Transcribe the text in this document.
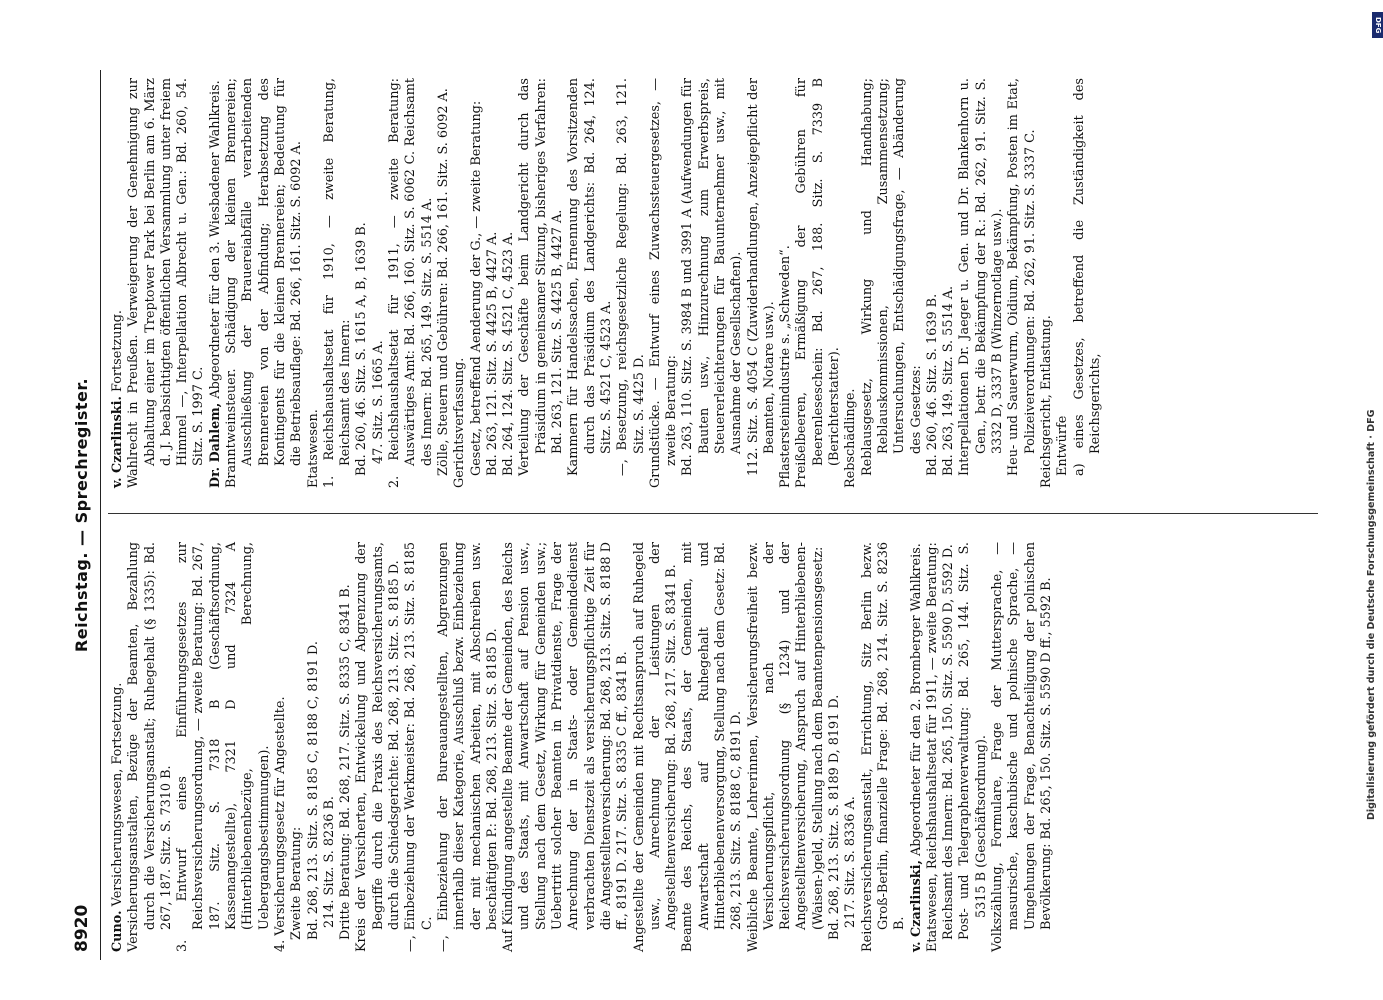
8920
Reichstag. — Sprechregister.

Cuno. Versicherungswesen, Fortsetzung. Versicherungsanstalten, Bezüge der Beamten, Bezahlung durch die Versicherungsanstalt; Ruhegehalt (§ 1335): Bd. 267, 187. Sitz. S. 7310 B. 3. Entwurf eines Einführungsgesetzes zur Reichsversicherungsordnung, — zweite Beratung: Bd. 267, 187. Sitz. S. 7318 B (Geschäftsordnung, Kassenangestellte), 7321 D und 7324 A (Hinterbliebenenbezüge, Berechnung, Uebergangsbestimmungen). 4. Versicherungsgesetz für Angestellte. Zweite Beratung: Bd. 268, 213. Sitz. S. 8185 C, 8188 C, 8191 D. 214. Sitz. S. 8236 B. Dritte Beratung: Bd. 268, 217. Sitz. S. 8335 C, 8341 B. Kreis der Versicherten, Entwickelung und Abgrenzung der Begriffe durch die Praxis des Reichsversicherungsamts, durch die Schiedsgerichte: Bd. 268, 213. Sitz. S. 8185 D. —, Einbeziehung der Werkmeister: Bd. 268, 213. Sitz. S. 8185 C. —, Einbeziehung der Bureauangestellten, Abgrenzungen innerhalb dieser Kategorie, Ausschluß bezw. Einbeziehung der mit mechanischen Arbeiten, mit Abschreiben usw. beschäftigten P.: Bd. 268, 213. Sitz. S. 8185 D. Auf Kündigung angestellte Beamte der Gemeinden, des Reichs und des Staats, mit Anwartschaft auf Pension usw., Stellung nach dem Gesetz, Wirkung für Gemeinden usw.; Uebertritt solcher Beamten in Privatdienste, Frage der Anrechnung der in Staats- oder Gemeindedienst verbrachten Dienstzeit als versicherungspflichtige Zeit für die Angestelltenversicherung: Bd. 268, 213. Sitz. S. 8188 D ff., 8191 D. 217. Sitz. S. 8335 C ff., 8341 B. Angestellte der Gemeinden mit Rechtsanspruch auf Ruhegeld usw., Anrechnung der Leistungen der Angestelltenversicherung: Bd. 268, 217. Sitz. S. 8341 B. Beamte des Reichs, des Staats, der Gemeinden, mit Anwartschaft auf Ruhegehalt und Hinterbliebenenversorgung, Stellung nach dem Gesetz: Bd. 268, 213. Sitz. S. 8188 C, 8191 D. Weibliche Beamte, Lehrerinnen, Versicherungsfreiheit bezw. Versicherungspflicht, nach der Reichsversicherungsordnung (§ 1234) und der Angestelltenversicherung, Anspruch auf Hinterbliebenen-(Waisen-)geld, Stellung nach dem Beamtenpensionsgesetz: Bd. 268, 213. Sitz. S. 8189 D, 8191 D. 217. Sitz. S. 8336 A. Reichsversicherungsanstalt, Errichtung, Sitz Berlin bezw. Groß-Berlin, finanzielle Frage: Bd. 268, 214. Sitz. S. 8236 B. v. Czarlinski, Abgeordneter für den 2. Bromberger Wahlkreis. Etatswesen, Reichshaushaltsetat für 1911, — zweite Beratung: Reichsamt des Innern: Bd. 265, 150. Sitz. S. 5590 D, 5592 D. Post- und Telegraphenverwaltung: Bd. 265, 144. Sitz. S. 5315 B (Geschäftsordnung). Volkszählung, Formulare, Frage der Muttersprache, — masurische, kaschubische und polnische Sprache, — Umgehungen der Frage, Benachteiligung der polnischen Bevölkerung: Bd. 265, 150. Sitz. S. 5590 D ff., 5592 B.

v. Czarlinski. Fortsetzung. Wahlrecht in Preußen. Verweigerung der Genehmigung zur Abhaltung einer im Treptower Park bei Berlin am 6. März d. J. beabsichtigten öffentlichen Versammlung unter freiem Himmel —, Interpellation Albrecht u. Gen.: Bd. 260, 54. Sitz. S. 1997 C. Dr. Dahlem, Abgeordneter für den 3. Wiesbadener Wahlkreis. Branntweinsteuer. Schädigung der kleinen Brennereien; Ausschließung der Brauereiabfälle verarbeitenden Brennereien von der Abfindung; Herabsetzung des Kontingents für die kleinen Brennereien; Bedeutung für die Betriebsauflage: Bd. 266, 161. Sitz. S. 6092 A. Etatswesen. 1. Reichshaushaltsetat für 1910, — zweite Beratung, Reichsamt des Innern: Bd. 260, 46. Sitz. S. 1615 A, B, 1639 B. 47. Sitz. S. 1665 A. 2. Reichshaushaltsetat für 1911, — zweite Beratung: Auswärtiges Amt: Bd. 266, 160. Sitz. S. 6062 C. Reichsamt des Innern: Bd. 265, 149. Sitz. S. 5514 A. Zölle, Steuern und Gebühren: Bd. 266, 161. Sitz. S. 6092 A. Gerichtsverfassung. Gesetz, betreffend Aenderung der G., — zweite Beratung: Bd. 263, 121. Sitz. S. 4425 B, 4427 A. Bd. 264, 124. Sitz. S. 4521 C, 4523 A. Verteilung der Geschäfte beim Landgericht durch das Präsidium in gemeinsamer Sitzung, bisheriges Verfahren: Bd. 263, 121. Sitz. S. 4425 B, 4427 A. Kammern für Handelssachen, Ernennung des Vorsitzenden durch das Präsidium des Landgerichts: Bd. 264, 124. Sitz. S. 4521 C, 4523 A. —, Besetzung, reichsgesetzliche Regelung: Bd. 263, 121. Sitz. S. 4425 D. Grundstücke. — Entwurf eines Zuwachssteuergesetzes, — zweite Beratung: Bd. 263, 110. Sitz. S. 3984 B und 3991 A (Aufwendungen für Bauten usw., Hinzurechnung zum Erwerbspreis, Steuererleichterungen für Bauunternehmer usw., mit Ausnahme der Gesellschaften). 112. Sitz. S. 4054 C (Zuwiderhandlungen, Anzeigepflicht der Beamten, Notare usw.). Pflastersteinindustrie s. „Schweden“. Preißelbeeren, Ermäßigung der Gebühren für Beerenleseschein: Bd. 267, 188. Sitz. S. 7339 B (Berichterstatter). Rebschädlinge. Reblausgesetz, Wirkung und Handhabung; Reblauskommissionen, Zusammensetzung; Untersuchungen, Entschädigungsfrage, — Abänderung des Gesetzes: Bd. 260, 46. Sitz. S. 1639 B. Bd. 263, 149. Sitz. S. 5514 A. Interpellationen Dr. Jaeger u. Gen. und Dr. Blankenhorn u. Gen., betr. die Bekämpfung der R.: Bd. 262, 91. Sitz. S. 3332 D, 3337 B (Winzernotlage usw.). Heu- und Sauerwurm, Oidium, Bekämpfung, Posten im Etat, Polizeiverordnungen: Bd. 262, 91. Sitz. S. 3337 C. Reichsgericht, Entlastung. Entwürfe a) eines Gesetzes, betreffend die Zuständigkeit des Reichsgerichts,

DFG
Digitalisierung gefördert durch die Deutsche Forschungsgemeinschaft · DFG
